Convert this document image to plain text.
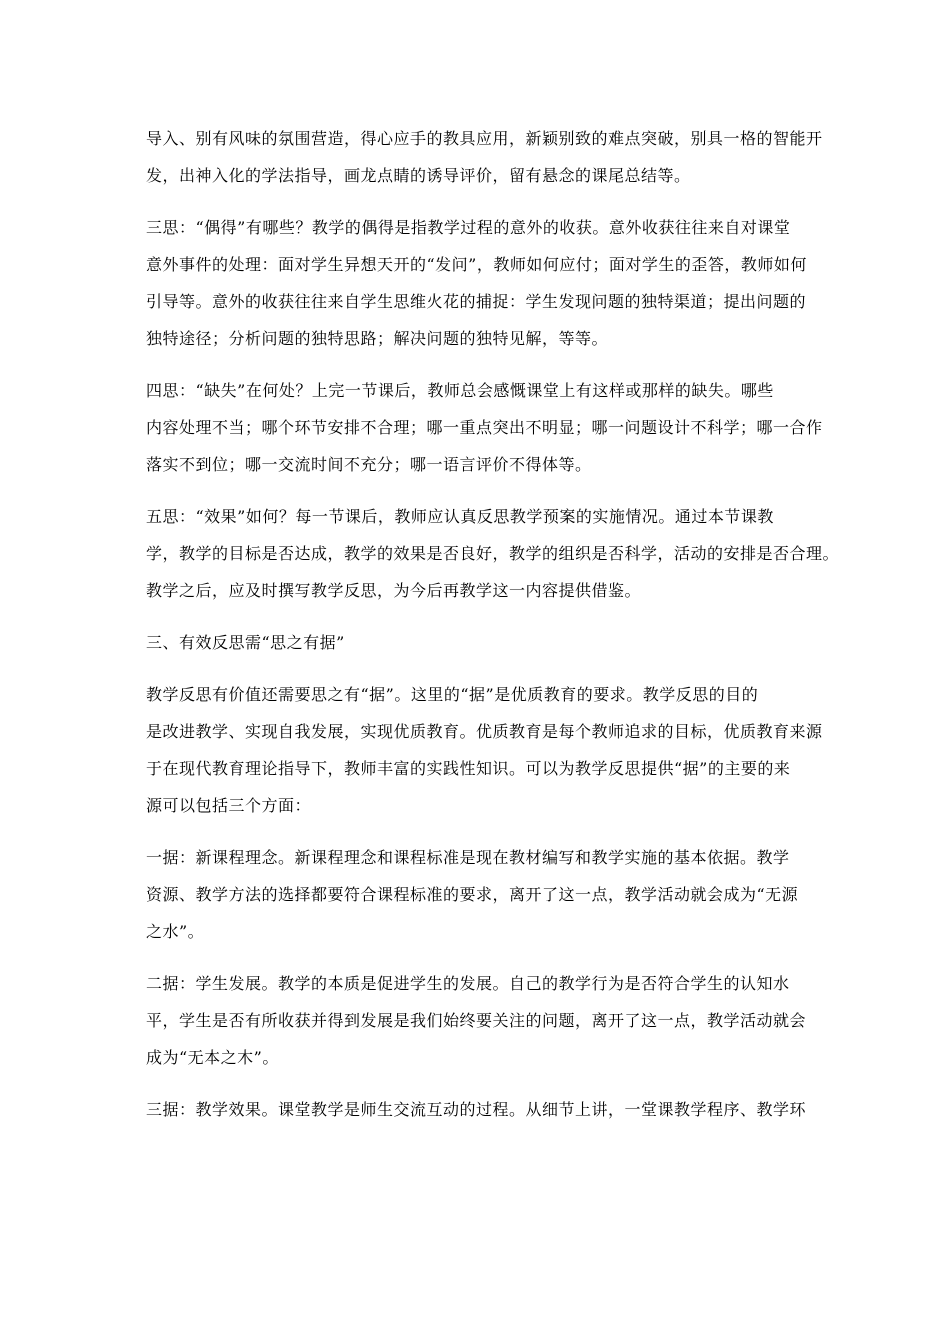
导入、别有风味的氛围营造，得心应手的教具应用，新颖别致的难点突破，别具一格的智能开
发，出神入化的学法指导，画龙点睛的诱导评价，留有悬念的课尾总结等。
三思：“偶得”有哪些？教学的偶得是指教学过程的意外的收获。意外收获往往来自对课堂
意外事件的处理：面对学生异想天开的“发问”，教师如何应付；面对学生的歪答，教师如何
引导等。意外的收获往往来自学生思维火花的捕捉：学生发现问题的独特渠道；提出问题的
独特途径；分析问题的独特思路；解决问题的独特见解，等等。
四思：“缺失”在何处？上完一节课后，教师总会感慨课堂上有这样或那样的缺失。哪些
内容处理不当；哪个环节安排不合理；哪一重点突出不明显；哪一问题设计不科学；哪一合作
落实不到位；哪一交流时间不充分；哪一语言评价不得体等。
五思：“效果”如何？每一节课后，教师应认真反思教学预案的实施情况。通过本节课教
学，教学的目标是否达成，教学的效果是否良好，教学的组织是否科学，活动的安排是否合理。
教学之后，应及时撰写教学反思，为今后再教学这一内容提供借鉴。
三、有效反思需“思之有据”
教学反思有价值还需要思之有“据”。这里的“据”是优质教育的要求。教学反思的目的
是改进教学、实现自我发展，实现优质教育。优质教育是每个教师追求的目标，优质教育来源
于在现代教育理论指导下，教师丰富的实践性知识。可以为教学反思提供“据”的主要的来
源可以包括三个方面：
一据：新课程理念。新课程理念和课程标准是现在教材编写和教学实施的基本依据。教学
资源、教学方法的选择都要符合课程标准的要求，离开了这一点，教学活动就会成为“无源
之水”。
二据：学生发展。教学的本质是促进学生的发展。自己的教学行为是否符合学生的认知水
平，学生是否有所收获并得到发展是我们始终要关注的问题，离开了这一点，教学活动就会
成为“无本之木”。
三据：教学效果。课堂教学是师生交流互动的过程。从细节上讲，一堂课教学程序、教学环
